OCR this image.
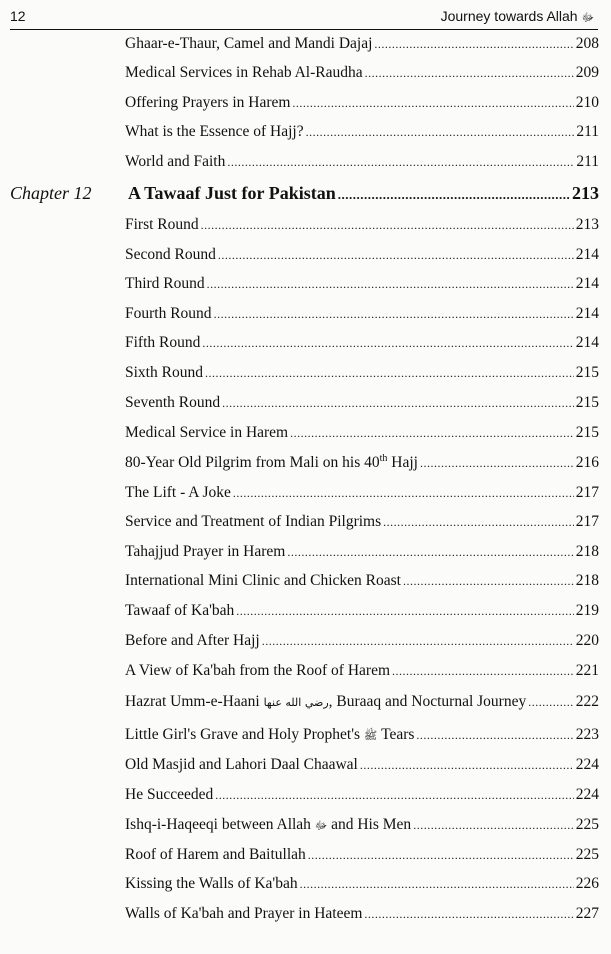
12	Journey towards Allah ﷻ
Ghaar-e-Thaur, Camel and Mandi Dajaj .....	208
Medical Services in Rehab Al-Raudha .....	209
Offering Prayers in Harem .....	210
What is the Essence of Hajj? .....	211
World and Faith .....	211
Chapter 12 A Tawaaf Just for Pakistan .....	213
First Round .....	213
Second Round .....	214
Third Round .....	214
Fourth Round .....	214
Fifth Round .....	214
Sixth Round .....	215
Seventh Round .....	215
Medical Service in Harem .....	215
80-Year Old Pilgrim from Mali on his 40th Hajj .....	216
The Lift - A Joke .....	217
Service and Treatment of Indian Pilgrims .....	217
Tahajjud Prayer in Harem .....	218
International Mini Clinic and Chicken Roast .....	218
Tawaaf of Ka'bah .....	219
Before and After Hajj .....	220
A View of Ka'bah from the Roof of Harem .....	221
Hazrat Umm-e-Haani رضي الله عنها, Buraaq and Nocturnal Journey .....	222
Little Girl's Grave and Holy Prophet's ﷺ Tears .....	223
Old Masjid and Lahori Daal Chaawal .....	224
He Succeeded .....	224
Ishq-i-Haqeeqi between Allah ﷻ and His Men .....	225
Roof of Harem and Baitullah .....	225
Kissing the Walls of Ka'bah .....	226
Walls of Ka'bah and Prayer in Hateem .....	227
